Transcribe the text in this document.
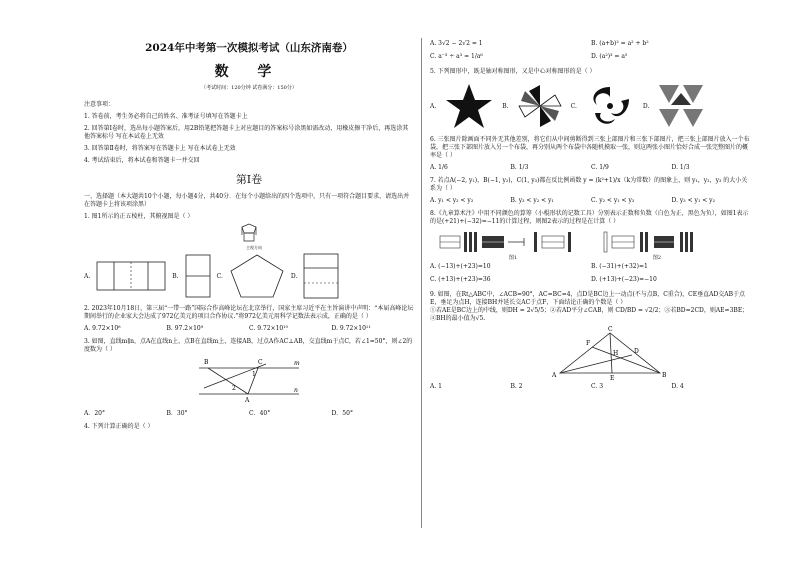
2024年中考第一次模拟考试（山东济南卷）
数 学
（考试时间：120分钟 试卷满分：150分）
注意事项：
1. 答卷前，考生务必将自己的姓名、准考证号填写在答题卡上
2. 回答第Ⅰ卷时，选出每小题答案后，用2B铅笔把答题卡上对应题目的答案标号涂黑如需改动，用橡皮擦干净后，再选涂其他答案标号 写在本试卷上无效
3. 回答第Ⅱ卷时，将答案写在答题卡上 写在本试卷上无效
4. 考试结束后，将本试卷和答题卡一并交回
第Ⅰ卷
一、选择题（本大题共10个小题，每小题4分，共40分．在每个小题给出的四个选项中，只有一项符合题目要求，请选出并在答题卡上将该项涂黑）
1. 图1所示的正五棱柱，其俯视图是（ ）
主视方向
A.	B.	C.	D.
2. 2023年10月18日，第三届“一带一路”国际合作高峰论坛在北京举行，国家主席习近平在主旨演讲中声明：“本届高峰论坛期间举行的企业家大会达成了972亿美元的项目合作协议.”将972亿美元用科学记数法表示成，正确的是（ ）
A. 9.72×10⁸	B. 97.2×10⁹	C. 9.72×10¹⁰	D. 9.72×10¹¹
3. 如图，直线m∥n，点A在直线n上，点B在直线m上，连接AB，过点A作AC⊥AB，交直线m于点C，若∠1=50°，则∠2的度数为（ ）
B	C	m
n
1
2
A
A．20°	B．30°	C．40°	D．50°
4. 下列计算正确的是（ ）
A. 3√2 − 2√2 = 1	B. (a+b)² = a² + b²
C. a⁻³ ÷ a³ = 1/a⁶	D. (a²)³ = a⁵
5. 下列图形中，既是轴对称图形，又是中心对称图形的是（ ）
A.	B.	C.	D.
6. 三张图片除画面不同外无其他差别，将它们从中间剪断得到三张上部图片和三张下部图片，把三张上部图片放入一个布袋，把三张下部图片放入另一个布袋，再分别从两个布袋中各随机摸取一张，则这两张小图片恰好合成一张完整图片的概率是（ ）
A. 1/6	B. 1/3	C. 1/9	D. 1/3
7. 若点A(−2, y₁)，B(−1, y₂)，C(1, y₃)都在反比例函数 y = (k²+1)/x（k为常数）的图象上，则 y₁，y₂，y₃ 的大小关系为（ ）
A. y₁ < y₂ < y₃	B. y₃ < y₂ < y₁	C. y₂ < y₁ < y₃	D. y₃ < y₁ < y₂
8.《九章算术注》中用不同颜色的算筹（小棍形状的记数工具）分别表示正数和负数（白色为正，黑色为负），如图1表示的是(+21)+(−32)=−11的计算过程，则图2表示的过程是在计算（ ）
图1	图2
A. (−13)+(+23)=10	B. (−31)+(+32)=1
C. (+13)+(+23)=36	D. (+13)+(−23)=−10
9. 如图，在Rt△ABC中，∠ACB=90°，AC=BC=4，点D是BC边上一动点(不与点B、C重合)，CE垂直AD交AB于点E，垂足为点H，连接BH并延长交AC于点F，下面结论正确的个数是（ ）
①若AE是BC边上的中线，则DH = 2√5/5；②若AD平分∠CAB，则 CD/BD = √2/2；③若BD=2CD，则AE=3BE；④BH的最小值为√5.
C
F
H	D
A	E	B
A. 1	B. 2	C. 3	D. 4
